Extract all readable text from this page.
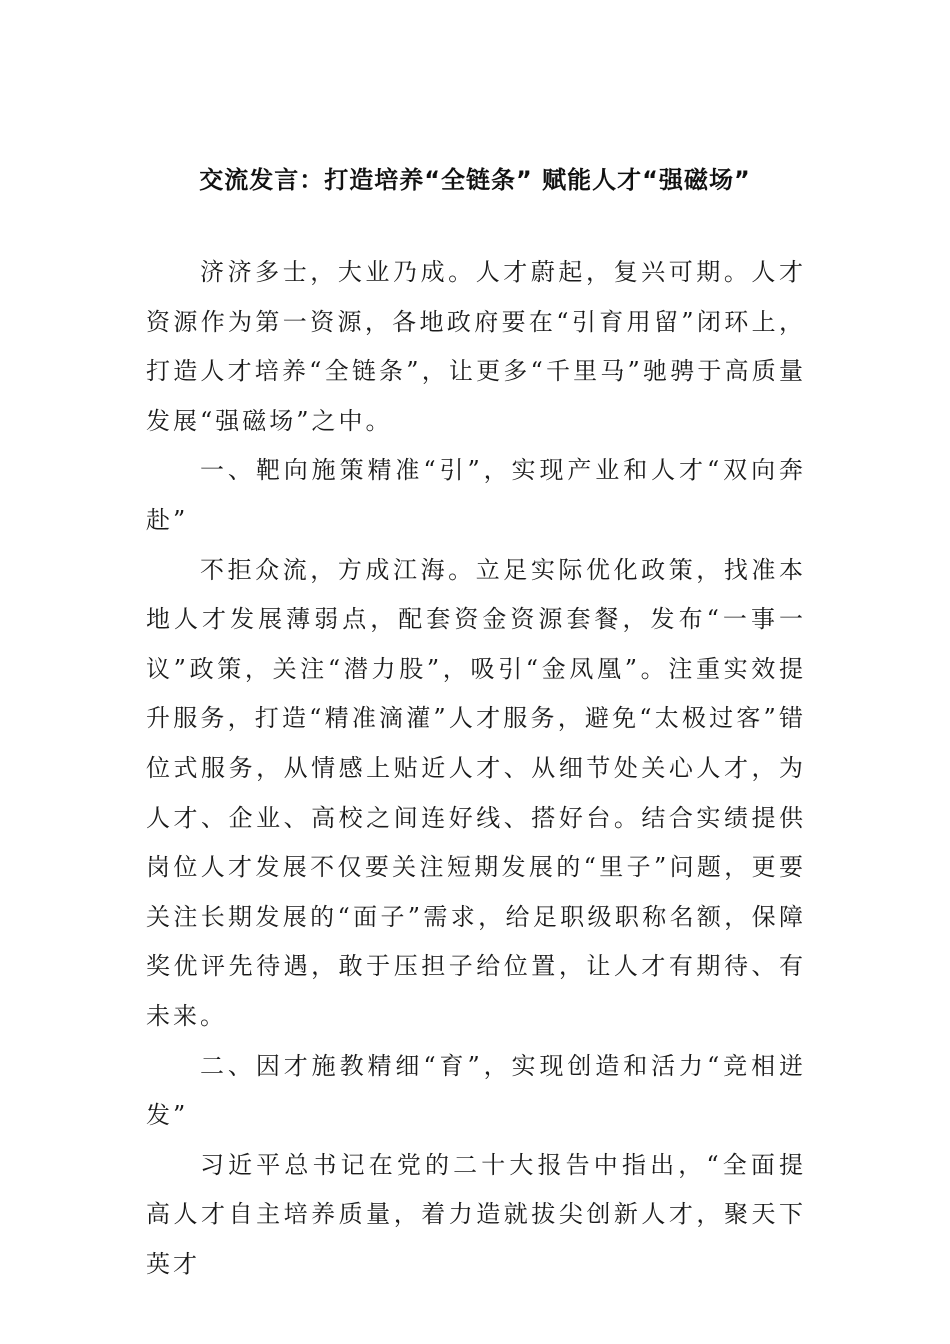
交流发言：打造培养“全链条” 赋能人才“强磁场”

济济多士，大业乃成。人才蔚起，复兴可期。人才资源作为第一资源，各地政府要在“引育用留”闭环上，打造人才培养“全链条”，让更多“千里马”驰骋于高质量发展“强磁场”之中。

一、靶向施策精准“引”，实现产业和人才“双向奔赴”

不拒众流，方成江海。立足实际优化政策，找准本地人才发展薄弱点，配套资金资源套餐，发布“一事一议”政策，关注“潜力股”，吸引“金凤凰”。注重实效提升服务，打造“精准滴灌”人才服务，避免“太极过客”错位式服务，从情感上贴近人才、从细节处关心人才，为人才、企业、高校之间连好线、搭好台。结合实绩提供岗位人才发展不仅要关注短期发展的“里子”问题，更要关注长期发展的“面子”需求，给足职级职称名额，保障奖优评先待遇，敢于压担子给位置，让人才有期待、有未来。

二、因才施教精细“育”，实现创造和活力“竞相迸发”

习近平总书记在党的二十大报告中指出，“全面提高人才自主培养质量，着力造就拔尖创新人才，聚天下英才
